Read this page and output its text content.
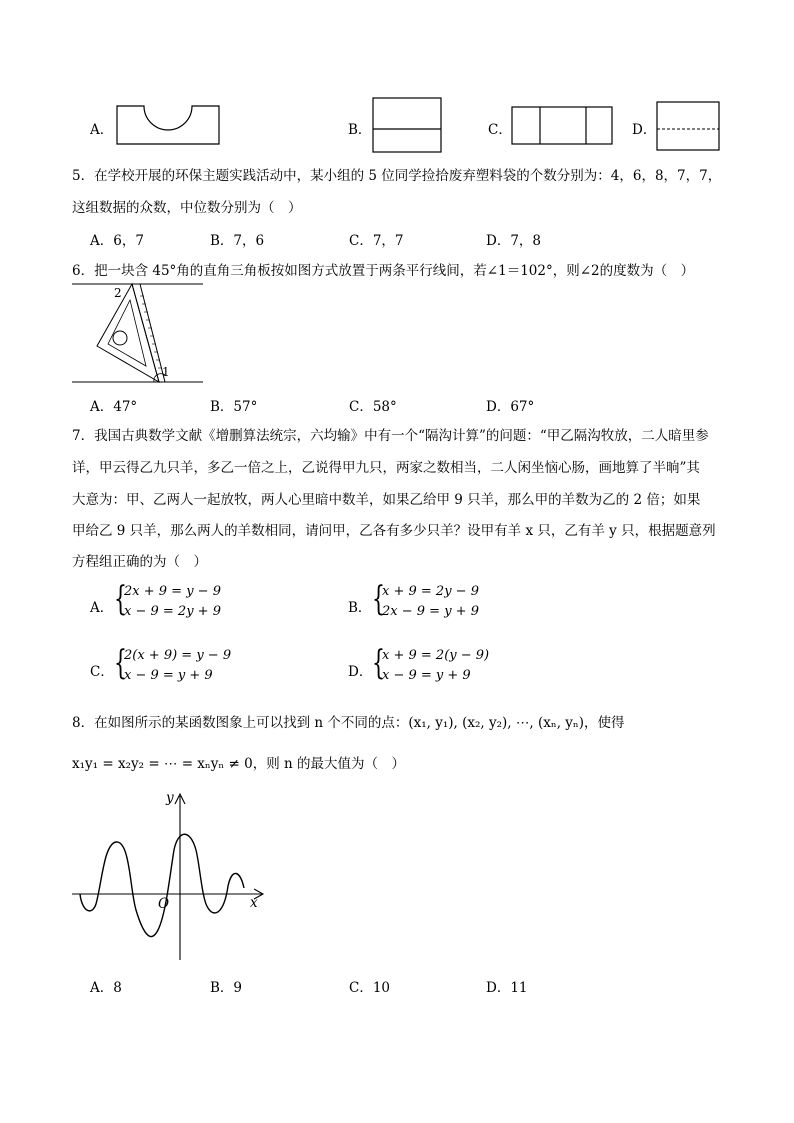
A．	B．	C．	D．
5．在学校开展的环保主题实践活动中，某小组的 5 位同学捡拾废弃塑料袋的个数分别为：4，6，8，7，7，
这组数据的众数，中位数分别为（　）
A．6，7	B．7，6	C．7，7	D．7，8
6．把一块含 45°角的直角三角板按如图方式放置于两条平行线间，若∠1＝102°，则∠2的度数为（　）
2
1
A．47°	B．57°	C．58°	D．67°
7．我国古典数学文献《增删算法统宗，六均输》中有一个“隔沟计算”的问题：“甲乙隔沟牧放，二人暗里参
详，甲云得乙九只羊，多乙一倍之上，乙说得甲九只，两家之数相当，二人闲坐恼心肠，画地算了半晌”其
大意为：甲、乙两人一起放牧，两人心里暗中数羊，如果乙给甲 9 只羊，那么甲的羊数为乙的 2 倍；如果
甲给乙 9 只羊，那么两人的羊数相同，请问甲，乙各有多少只羊？设甲有羊 x 只，乙有羊 y 只，根据题意列
方程组正确的为（　）
A． {
2x + 9 = y − 9
x − 9 = 2y + 9	B． {
x + 9 = 2y − 9
2x − 9 = y + 9
C． {
2(x + 9) = y − 9
x − 9 = y + 9	D． {
x + 9 = 2(y − 9)
x − 9 = y + 9
8．在如图所示的某函数图象上可以找到 n 个不同的点：(x₁, y₁), (x₂, y₂), ⋯, (xₙ, yₙ)，使得
x₁y₁ = x₂y₂ = ⋯ = xₙyₙ ≠ 0，则 n 的最大值为（　）
y
x
O
A．8	B．9	C．10	D．11
